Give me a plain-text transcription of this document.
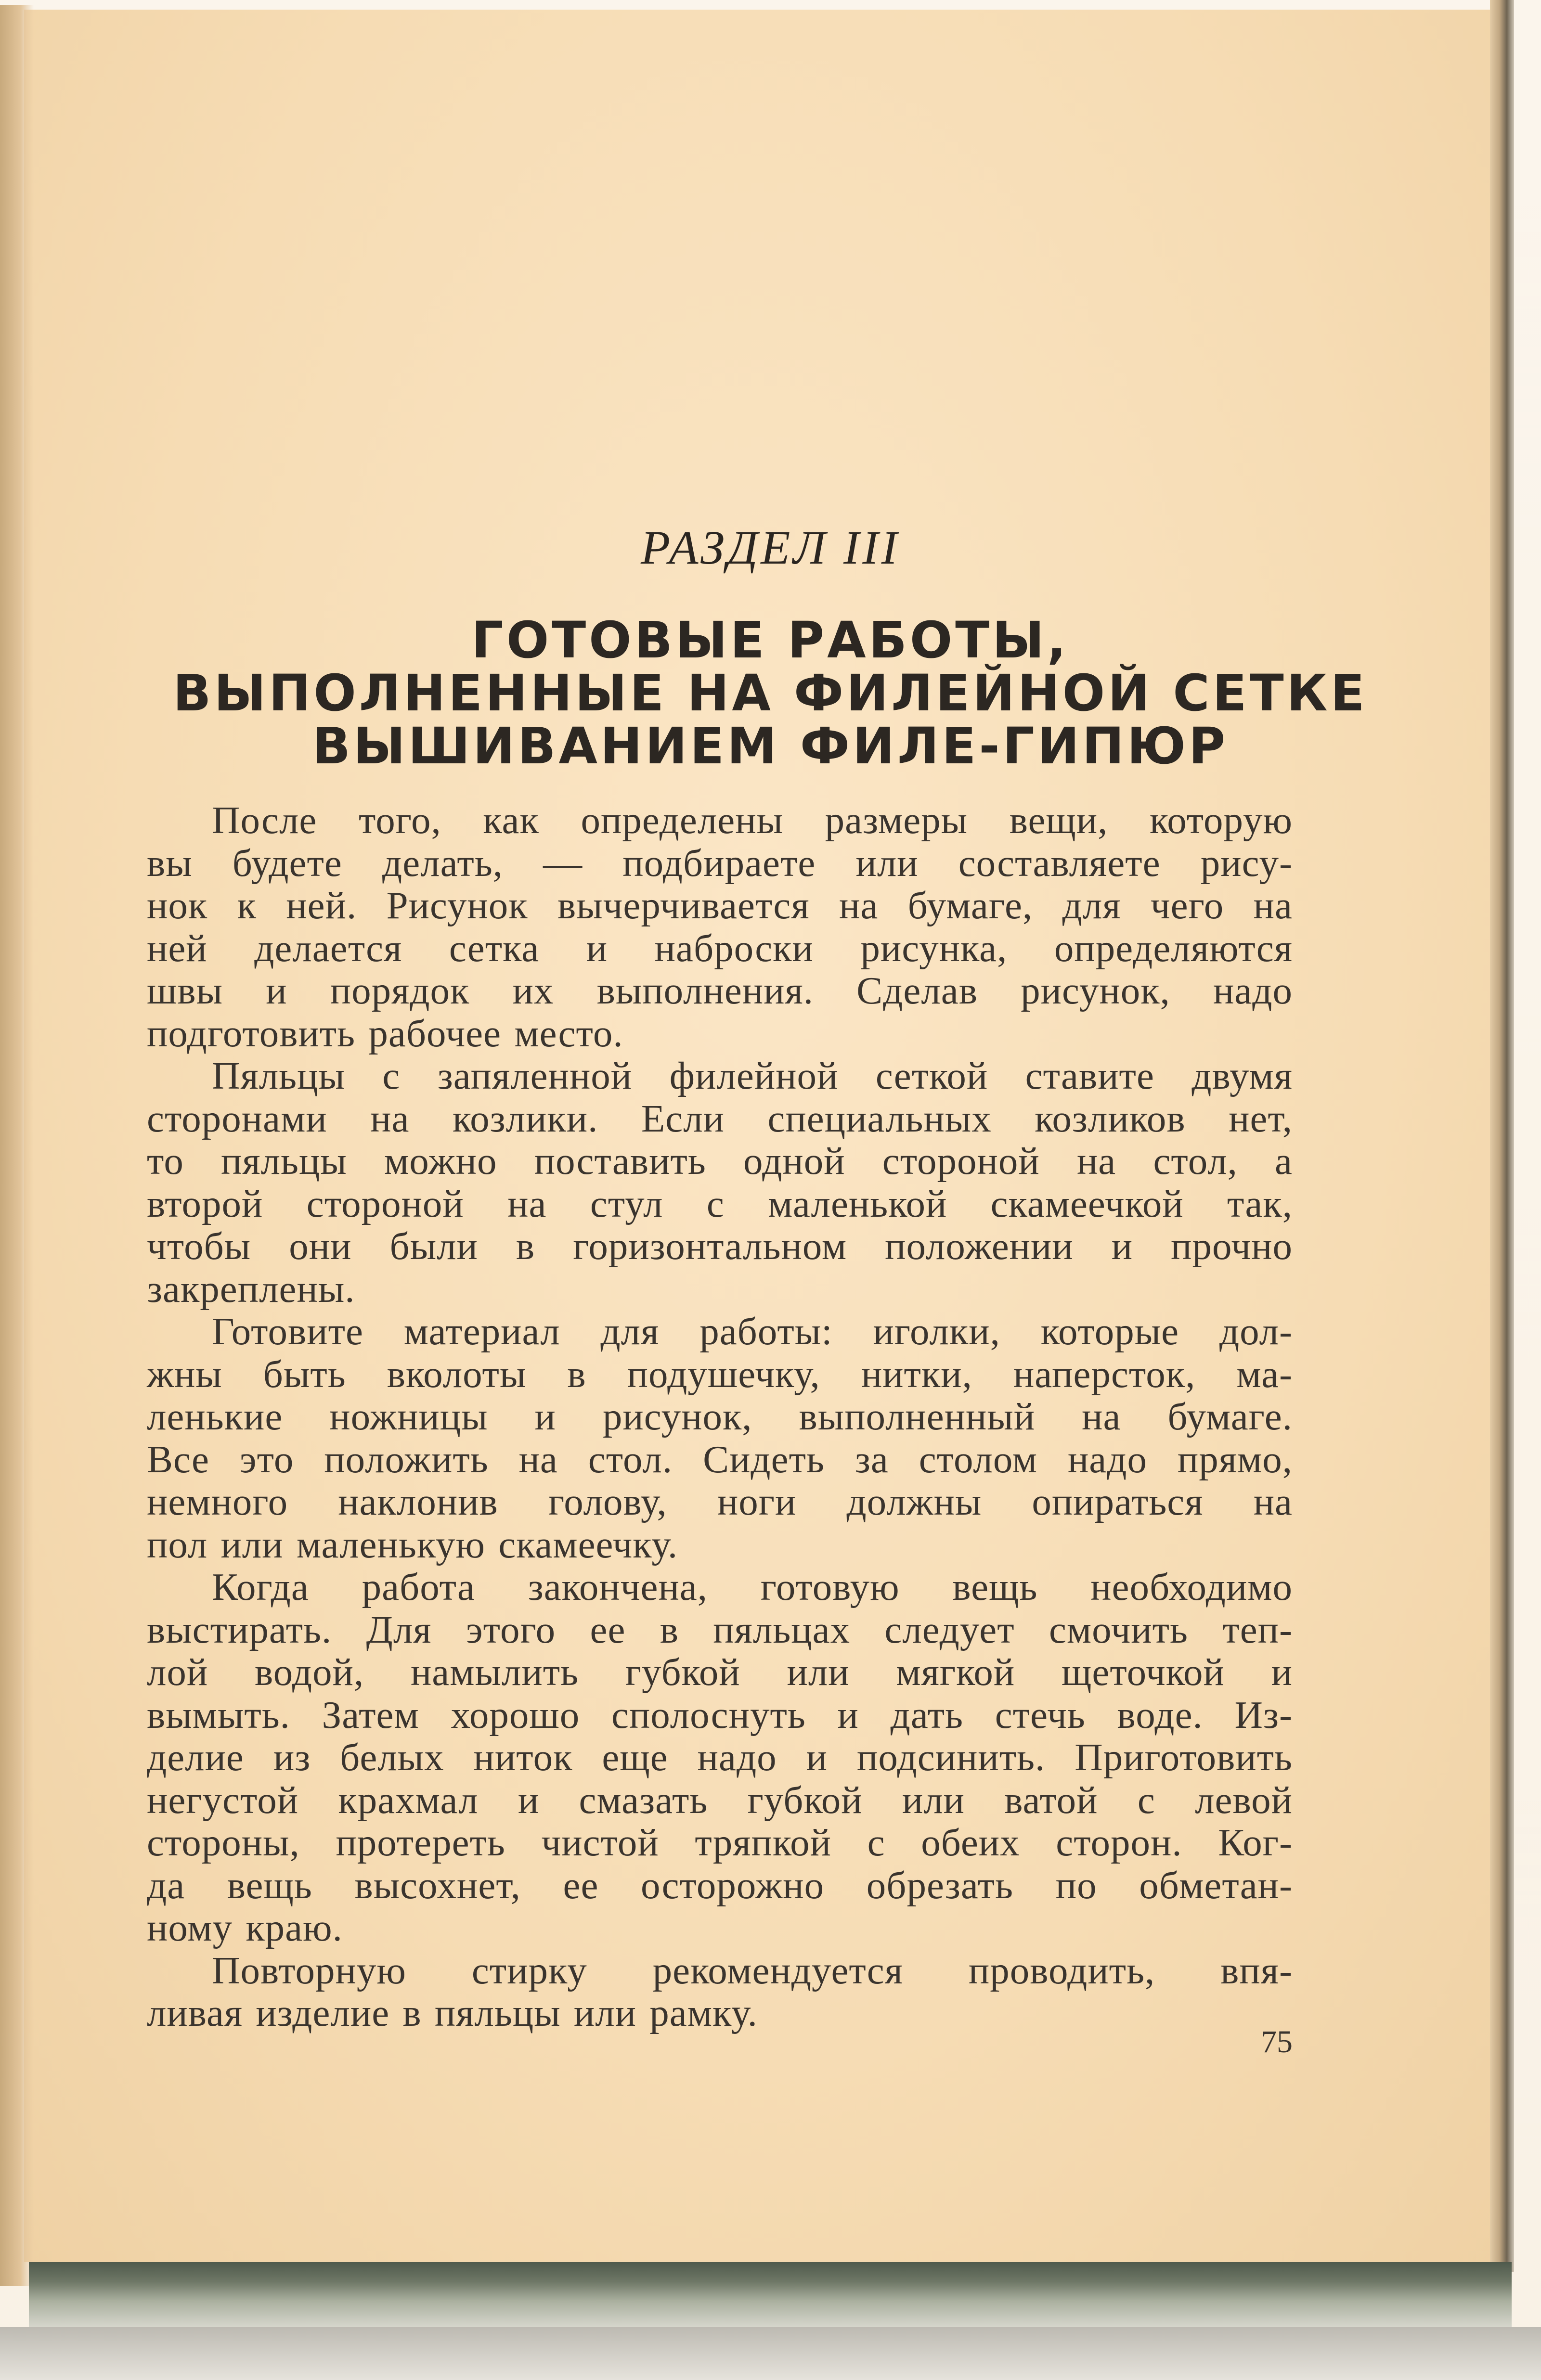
РАЗДЕЛ III
ГОТОВЫЕ РАБОТЫ,
ВЫПОЛНЕННЫЕ НА ФИЛЕЙНОЙ СЕТКЕ
ВЫШИВАНИЕМ ФИЛЕ-ГИПЮР
После того, как определены размеры вещи, которую
вы будете делать, — подбираете или составляете рису-
нок к ней. Рисунок вычерчивается на бумаге, для чего на
ней делается сетка и наброски рисунка, определяются
швы и порядок их выполнения. Сделав рисунок, надо
подготовить рабочее место.
Пяльцы с запяленной филейной сеткой ставите двумя
сторонами на козлики. Если специальных козликов нет,
то пяльцы можно поставить одной стороной на стол, а
второй стороной на стул с маленькой скамеечкой так,
чтобы они были в горизонтальном положении и прочно
закреплены.
Готовите материал для работы: иголки, которые дол-
жны быть вколоты в подушечку, нитки, наперсток, ма-
ленькие ножницы и рисунок, выполненный на бумаге.
Все это положить на стол. Сидеть за столом надо прямо,
немного наклонив голову, ноги должны опираться на
пол или маленькую скамеечку.
Когда работа закончена, готовую вещь необходимо
выстирать. Для этого ее в пяльцах следует смочить теп-
лой водой, намылить губкой или мягкой щеточкой и
вымыть. Затем хорошо сполоснуть и дать стечь воде. Из-
делие из белых ниток еще надо и подсинить. Приготовить
негустой крахмал и смазать губкой или ватой с левой
стороны, протереть чистой тряпкой с обеих сторон. Ког-
да вещь высохнет, ее осторожно обрезать по обметан-
ному краю.
Повторную стирку рекомендуется проводить, впя-
ливая изделие в пяльцы или рамку.
75
